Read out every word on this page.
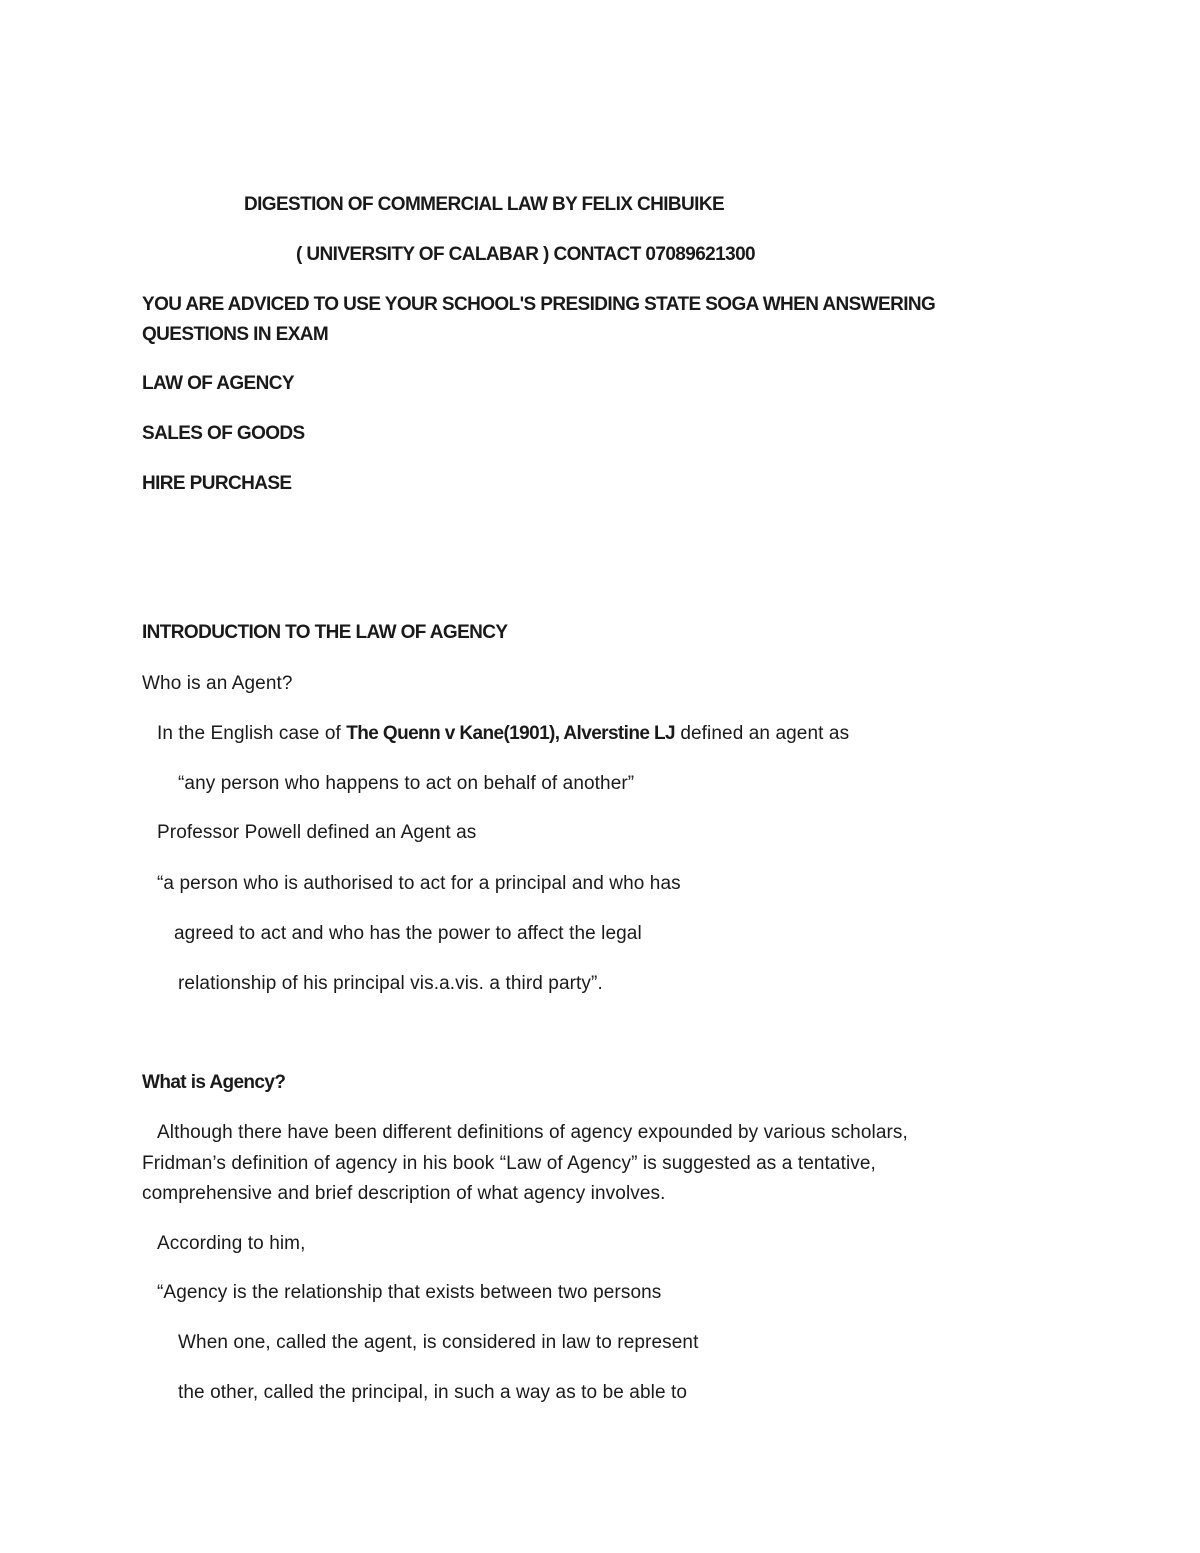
DIGESTION OF COMMERCIAL LAW BY FELIX CHIBUIKE
( UNIVERSITY OF CALABAR ) CONTACT 07089621300
YOU ARE ADVICED TO USE YOUR SCHOOL'S PRESIDING STATE SOGA WHEN ANSWERING
QUESTIONS IN EXAM
LAW OF AGENCY
SALES OF GOODS
HIRE PURCHASE
INTRODUCTION TO THE LAW OF AGENCY
Who is an Agent?
In the English case of The Quenn v Kane(1901), Alverstine LJ defined an agent as
“any person who happens to act on behalf of another”
Professor Powell defined an Agent as
“a person who is authorised to act for a principal and who has
agreed to act and who has the power to affect the legal
relationship of his principal vis.a.vis. a third party”.
What is Agency?
Although there have been different definitions of agency expounded by various scholars,
Fridman’s definition of agency in his book “Law of Agency” is suggested as a tentative,
comprehensive and brief description of what agency involves.
According to him,
“Agency is the relationship that exists between two persons
When one, called the agent, is considered in law to represent
the other, called the principal, in such a way as to be able to
